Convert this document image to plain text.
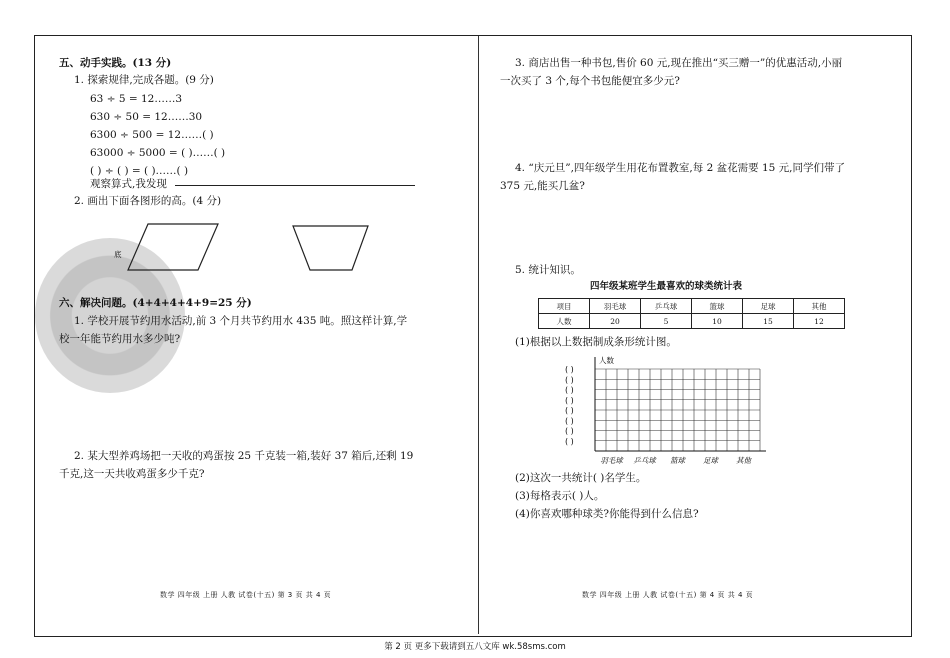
五、动手实践。(13 分)
1. 探索规律,完成各题。(9 分)
63 ÷ 5 = 12……3
630 ÷ 50 = 12……30
6300 ÷ 500 = 12……( )
63000 ÷ 5000 = ( )……( )
( ) ÷ ( ) = ( )……( )
观察算式,我发现
2. 画出下面各图形的高。(4 分)
底
六、解决问题。(4+4+4+4+9=25 分)
1. 学校开展节约用水活动,前 3 个月共节约用水 435 吨。照这样计算,学
校一年能节约用水多少吨?
2. 某大型养鸡场把一天收的鸡蛋按 25 千克装一箱,装好 37 箱后,还剩 19
千克,这一天共收鸡蛋多少千克?
数学 四年级 上册 人教 试卷(十五) 第 3 页 共 4 页
3. 商店出售一种书包,售价 60 元,现在推出“买三赠一”的优惠活动,小丽
一次买了 3 个,每个书包能便宜多少元?
4. “庆元旦”,四年级学生用花布置教室,每 2 盆花需要 15 元,同学们带了
375 元,能买几盆?
5. 统计知识。
四年级某班学生最喜欢的球类统计表
项目	羽毛球	乒乓球	篮球	足球	其他
人数	20	5	10	15	12
(1)根据以上数据制成条形统计图。
( )
( )
( )
( )
( )
( )
( )
( )
人数
羽毛球 乒乓球 篮球 足球 其他
(2)这次一共统计( )名学生。
(3)每格表示( )人。
(4)你喜欢哪种球类?你能得到什么信息?
数学 四年级 上册 人教 试卷(十五) 第 4 页 共 4 页
第 2 页 更多下载请到五八文库 wk.58sms.com
